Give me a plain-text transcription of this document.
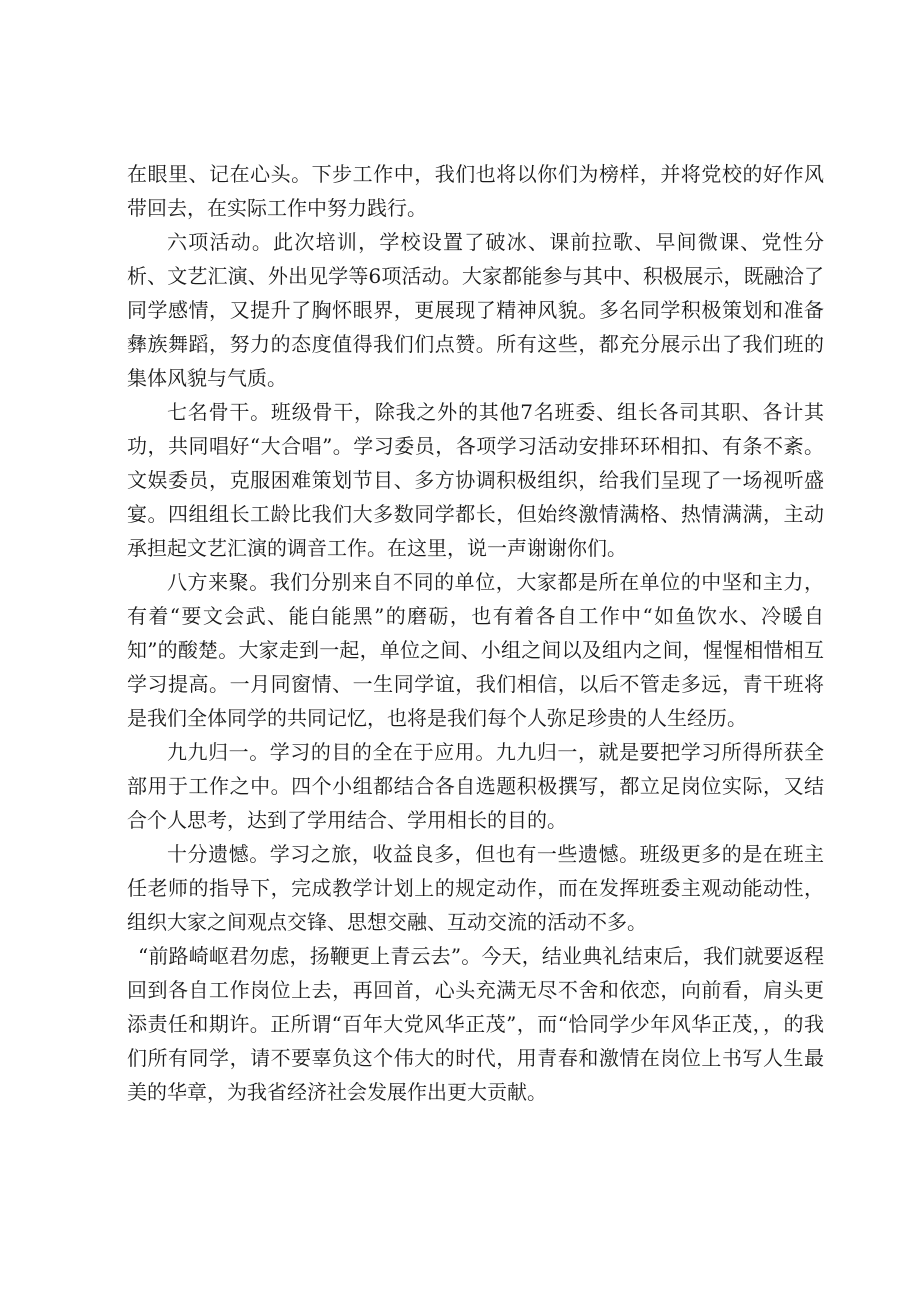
在眼里、记在心头。下步工作中，我们也将以你们为榜样，并将党校的好作风带回去，在实际工作中努力践行。

六项活动。此次培训，学校设置了破冰、课前拉歌、早间微课、党性分析、文艺汇演、外出见学等6项活动。大家都能参与其中、积极展示，既融洽了同学感情，又提升了胸怀眼界，更展现了精神风貌。多名同学积极策划和准备彝族舞蹈，努力的态度值得我们们点赞。所有这些，都充分展示出了我们班的集体风貌与气质。

七名骨干。班级骨干，除我之外的其他7名班委、组长各司其职、各计其功，共同唱好“大合唱”。学习委员，各项学习活动安排环环相扣、有条不紊。文娱委员，克服困难策划节目、多方协调积极组织，给我们呈现了一场视听盛宴。四组组长工龄比我们大多数同学都长，但始终激情满格、热情满满，主动承担起文艺汇演的调音工作。在这里，说一声谢谢你们。

八方来聚。我们分别来自不同的单位，大家都是所在单位的中坚和主力，有着“要文会武、能白能黑”的磨砺，也有着各自工作中“如鱼饮水、冷暖自知”的酸楚。大家走到一起，单位之间、小组之间以及组内之间，惺惺相惜相互学习提高。一月同窗情、一生同学谊，我们相信，以后不管走多远，青干班将是我们全体同学的共同记忆，也将是我们每个人弥足珍贵的人生经历。

九九归一。学习的目的全在于应用。九九归一，就是要把学习所得所获全部用于工作之中。四个小组都结合各自选题积极撰写，都立足岗位实际，又结合个人思考，达到了学用结合、学用相长的目的。

十分遗憾。学习之旅，收益良多，但也有一些遗憾。班级更多的是在班主任老师的指导下，完成教学计划上的规定动作，而在发挥班委主观动能动性，组织大家之间观点交锋、思想交融、互动交流的活动不多。

“前路崎岖君勿虑，扬鞭更上青云去”。今天，结业典礼结束后，我们就要返程回到各自工作岗位上去，再回首，心头充满无尽不舍和依恋，向前看，肩头更添责任和期许。正所谓“百年大党风华正茂”，而“恰同学少年风华正茂，，的我们所有同学，请不要辜负这个伟大的时代，用青春和激情在岗位上书写人生最美的华章，为我省经济社会发展作出更大贡献。
